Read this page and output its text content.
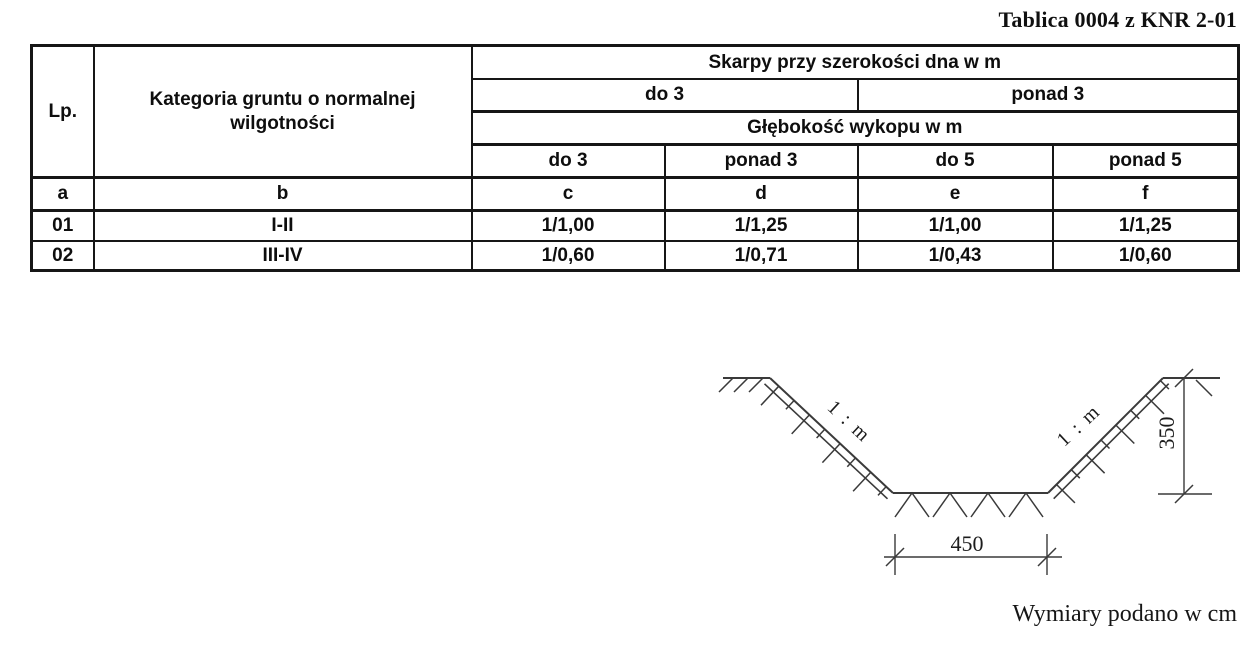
Tablica 0004 z KNR 2-01
Lp.	Kategoria gruntu o normalnej wilgotności	Skarpy przy szerokości dna w m			
		do 3		ponad 3	
		Głębokość wykopu w m			
		do 3	ponad 3	do 5	ponad 5
a	b	c	d	e	f
01	I-II	1/1,00	1/1,25	1/1,00	1/1,25
02	III-IV	1/0,60	1/0,71	1/0,43	1/0,60
350
450
1 : m	1 : m
Wymiary podano w cm
